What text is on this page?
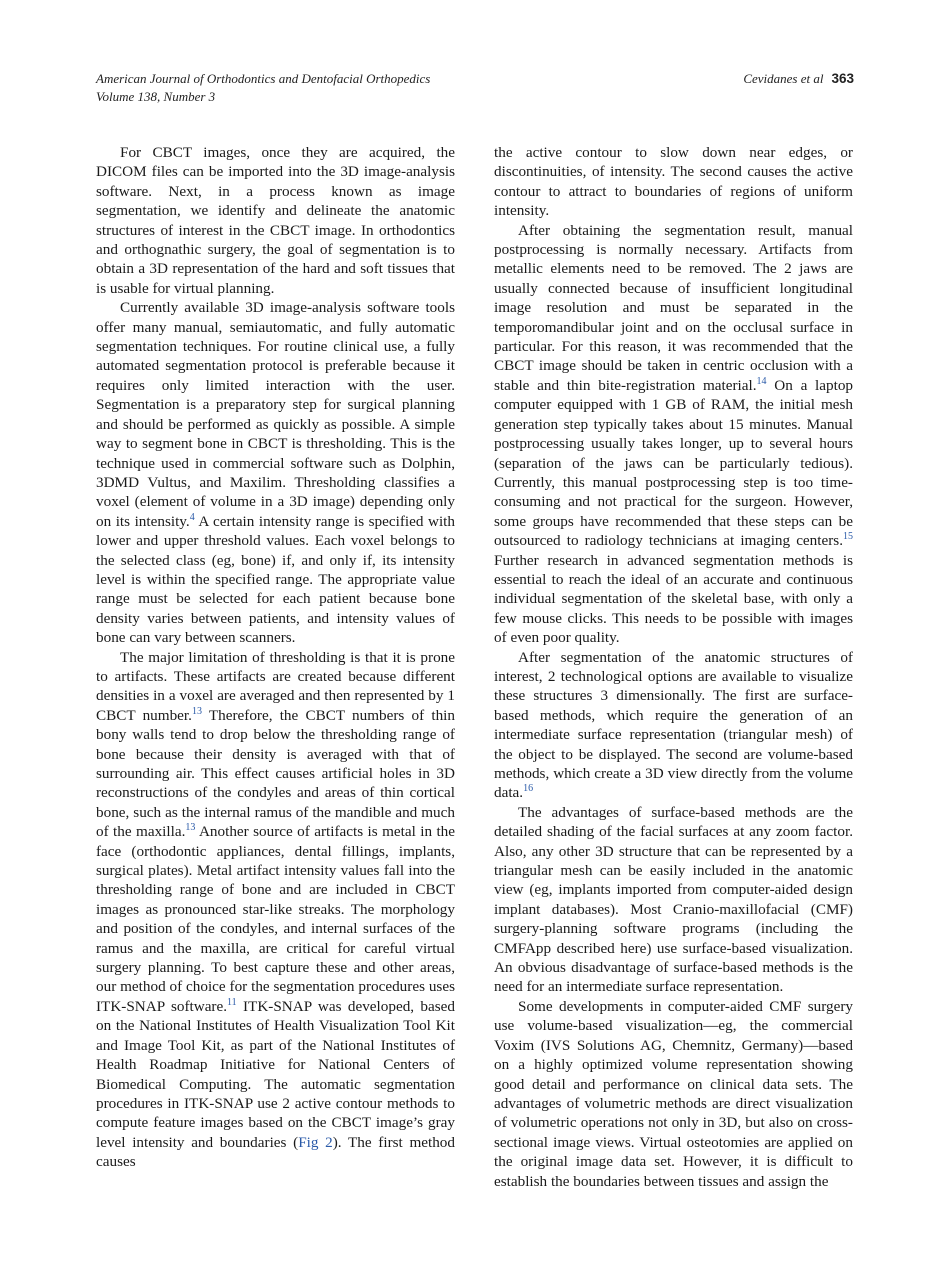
American Journal of Orthodontics and Dentofacial Orthopedics
Volume 138, Number 3
Cevidanes et al 363

For CBCT images, once they are acquired, the DICOM files can be imported into the 3D image-analysis software. Next, in a process known as image segmentation, we identify and delineate the anatomic structures of interest in the CBCT image. In orthodontics and orthognathic surgery, the goal of segmentation is to obtain a 3D representation of the hard and soft tissues that is usable for virtual planning.

Currently available 3D image-analysis software tools offer many manual, semiautomatic, and fully automatic segmentation techniques. For routine clinical use, a fully automated segmentation protocol is preferable because it requires only limited interaction with the user. Segmentation is a preparatory step for surgical planning and should be performed as quickly as possible. A simple way to segment bone in CBCT is thresholding. This is the technique used in commercial software such as Dolphin, 3DMD Vultus, and Maxilim. Thresholding classifies a voxel (element of volume in a 3D image) depending only on its intensity.$^4$ A certain intensity range is specified with lower and upper threshold values. Each voxel belongs to the selected class (eg, bone) if, and only if, its intensity level is within the specified range. The appropriate value range must be selected for each patient because bone density varies between patients, and intensity values of bone can vary between scanners.

The major limitation of thresholding is that it is prone to artifacts. These artifacts are created because different densities in a voxel are averaged and then represented by 1 CBCT number.$^{13}$ Therefore, the CBCT numbers of thin bony walls tend to drop below the thresholding range of bone because their density is averaged with that of surrounding air. This effect causes artificial holes in 3D reconstructions of the condyles and areas of thin cortical bone, such as the internal ramus of the mandible and much of the maxilla.$^{13}$ Another source of artifacts is metal in the face (orthodontic appliances, dental fillings, implants, surgical plates). Metal artifact intensity values fall into the thresholding range of bone and are included in CBCT images as pronounced star-like streaks. The morphology and position of the condyles, and internal surfaces of the ramus and the maxilla, are critical for careful virtual surgery planning. To best capture these and other areas, our method of choice for the segmentation procedures uses ITK-SNAP software.$^{11}$ ITK-SNAP was developed, based on the National Institutes of Health Visualization Tool Kit and Image Tool Kit, as part of the National Institutes of Health Roadmap Initiative for National Centers of Biomedical Computing. The automatic segmentation procedures in ITK-SNAP use 2 active contour methods to compute feature images based on the CBCT image’s gray level intensity and boundaries (Fig 2). The first method causes

the active contour to slow down near edges, or discontinuities, of intensity. The second causes the active contour to attract to boundaries of regions of uniform intensity.

After obtaining the segmentation result, manual postprocessing is normally necessary. Artifacts from metallic elements need to be removed. The 2 jaws are usually connected because of insufficient longitudinal image resolution and must be separated in the temporomandibular joint and on the occlusal surface in particular. For this reason, it was recommended that the CBCT image should be taken in centric occlusion with a stable and thin bite-registration material.$^{14}$ On a laptop computer equipped with 1 GB of RAM, the initial mesh generation step typically takes about 15 minutes. Manual postprocessing usually takes longer, up to several hours (separation of the jaws can be particularly tedious). Currently, this manual postprocessing step is too time-consuming and not practical for the surgeon. However, some groups have recommended that these steps can be outsourced to radiology technicians at imaging centers.$^{15}$ Further research in advanced segmentation methods is essential to reach the ideal of an accurate and continuous individual segmentation of the skeletal base, with only a few mouse clicks. This needs to be possible with images of even poor quality.

After segmentation of the anatomic structures of interest, 2 technological options are available to visualize these structures 3 dimensionally. The first are surface-based methods, which require the generation of an intermediate surface representation (triangular mesh) of the object to be displayed. The second are volume-based methods, which create a 3D view directly from the volume data.$^{16}$

The advantages of surface-based methods are the detailed shading of the facial surfaces at any zoom factor. Also, any other 3D structure that can be represented by a triangular mesh can be easily included in the anatomic view (eg, implants imported from computer-aided design implant databases). Most Cranio-maxillofacial (CMF) surgery-planning software programs (including the CMFApp described here) use surface-based visualization. An obvious disadvantage of surface-based methods is the need for an intermediate surface representation.

Some developments in computer-aided CMF surgery use volume-based visualization—eg, the commercial Voxim (IVS Solutions AG, Chemnitz, Germany)—based on a highly optimized volume representation showing good detail and performance on clinical data sets. The advantages of volumetric methods are direct visualization of volumetric operations not only in 3D, but also on cross-sectional image views. Virtual osteotomies are applied on the original image data set. However, it is difficult to establish the boundaries between tissues and assign the
